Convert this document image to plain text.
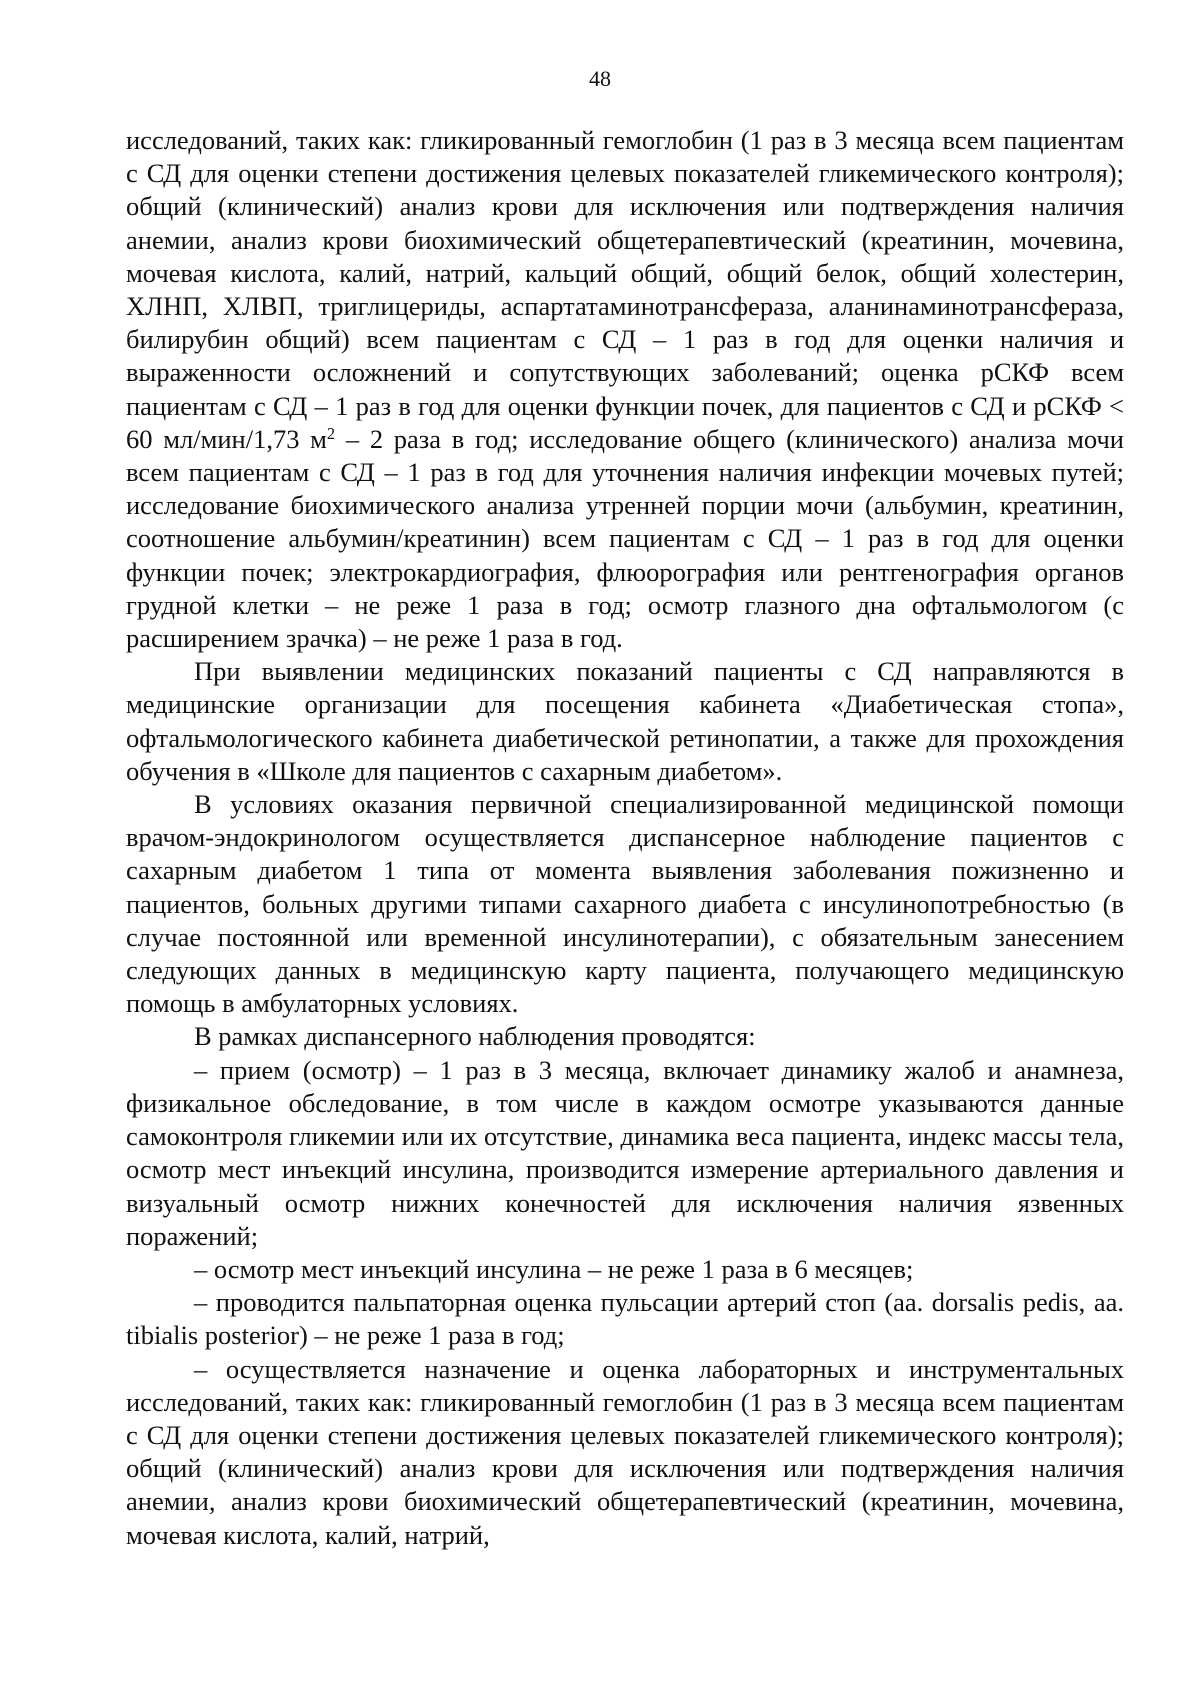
48

исследований, таких как: гликированный гемоглобин (1 раз в 3 месяца всем пациентам с СД для оценки степени достижения целевых показателей гликемического контроля); общий (клинический) анализ крови для исключения или подтверждения наличия анемии, анализ крови биохимический общетерапевтический (креатинин, мочевина, мочевая кислота, калий, натрий, кальций общий, общий белок, общий холестерин, ХЛНП, ХЛВП, триглицериды, аспартатаминотрансфераза, аланинаминотрансфераза, билирубин общий) всем пациентам с СД – 1 раз в год для оценки наличия и выраженности осложнений и сопутствующих заболеваний; оценка рСКФ всем пациентам с СД – 1 раз в год для оценки функции почек, для пациентов с СД и рСКФ < 60 мл/мин/1,73 $м^2 - 2$ раза в год; исследование общего (клинического) анализа мочи всем пациентам с СД – 1 раз в год для уточнения наличия инфекции мочевых путей; исследование биохимического анализа утренней порции мочи (альбумин, креатинин, соотношение альбумин/креатинин) всем пациентам с СД – 1 раз в год для оценки функции почек; электрокардиография, флюорография или рентгенография органов грудной клетки – не реже 1 раза в год; осмотр глазного дна офтальмологом (с расширением зрачка) – не реже 1 раза в год.

При выявлении медицинских показаний пациенты с СД направляются в медицинские организации для посещения кабинета «Диабетическая стопа», офтальмологического кабинета диабетической ретинопатии, а также для прохождения обучения в «Школе для пациентов с сахарным диабетом».

В условиях оказания первичной специализированной медицинской помощи врачом-эндокринологом осуществляется диспансерное наблюдение пациентов с сахарным диабетом 1 типа от момента выявления заболевания пожизненно и пациентов, больных другими типами сахарного диабета с инсулинопотребностью (в случае постоянной или временной инсулинотерапии), с обязательным занесением следующих данных в медицинскую карту пациента, получающего медицинскую помощь в амбулаторных условиях.

В рамках диспансерного наблюдения проводятся:

– прием (осмотр) – 1 раз в 3 месяца, включает динамику жалоб и анамнеза, физикальное обследование, в том числе в каждом осмотре указываются данные самоконтроля гликемии или их отсутствие, динамика веса пациента, индекс массы тела, осмотр мест инъекций инсулина, производится измерение артериального давления и визуальный осмотр нижних конечностей для исключения наличия язвенных поражений;

– осмотр мест инъекций инсулина – не реже 1 раза в 6 месяцев;

– проводится пальпаторная оценка пульсации артерий стоп (aa. dorsalis pedis, aa. tibialis posterior) – не реже 1 раза в год;

– осуществляется назначение и оценка лабораторных и инструментальных исследований, таких как: гликированный гемоглобин (1 раз в 3 месяца всем пациентам с СД для оценки степени достижения целевых показателей гликемического контроля); общий (клинический) анализ крови для исключения или подтверждения наличия анемии, анализ крови биохимический общетерапевтический (креатинин, мочевина, мочевая кислота, калий, натрий,
